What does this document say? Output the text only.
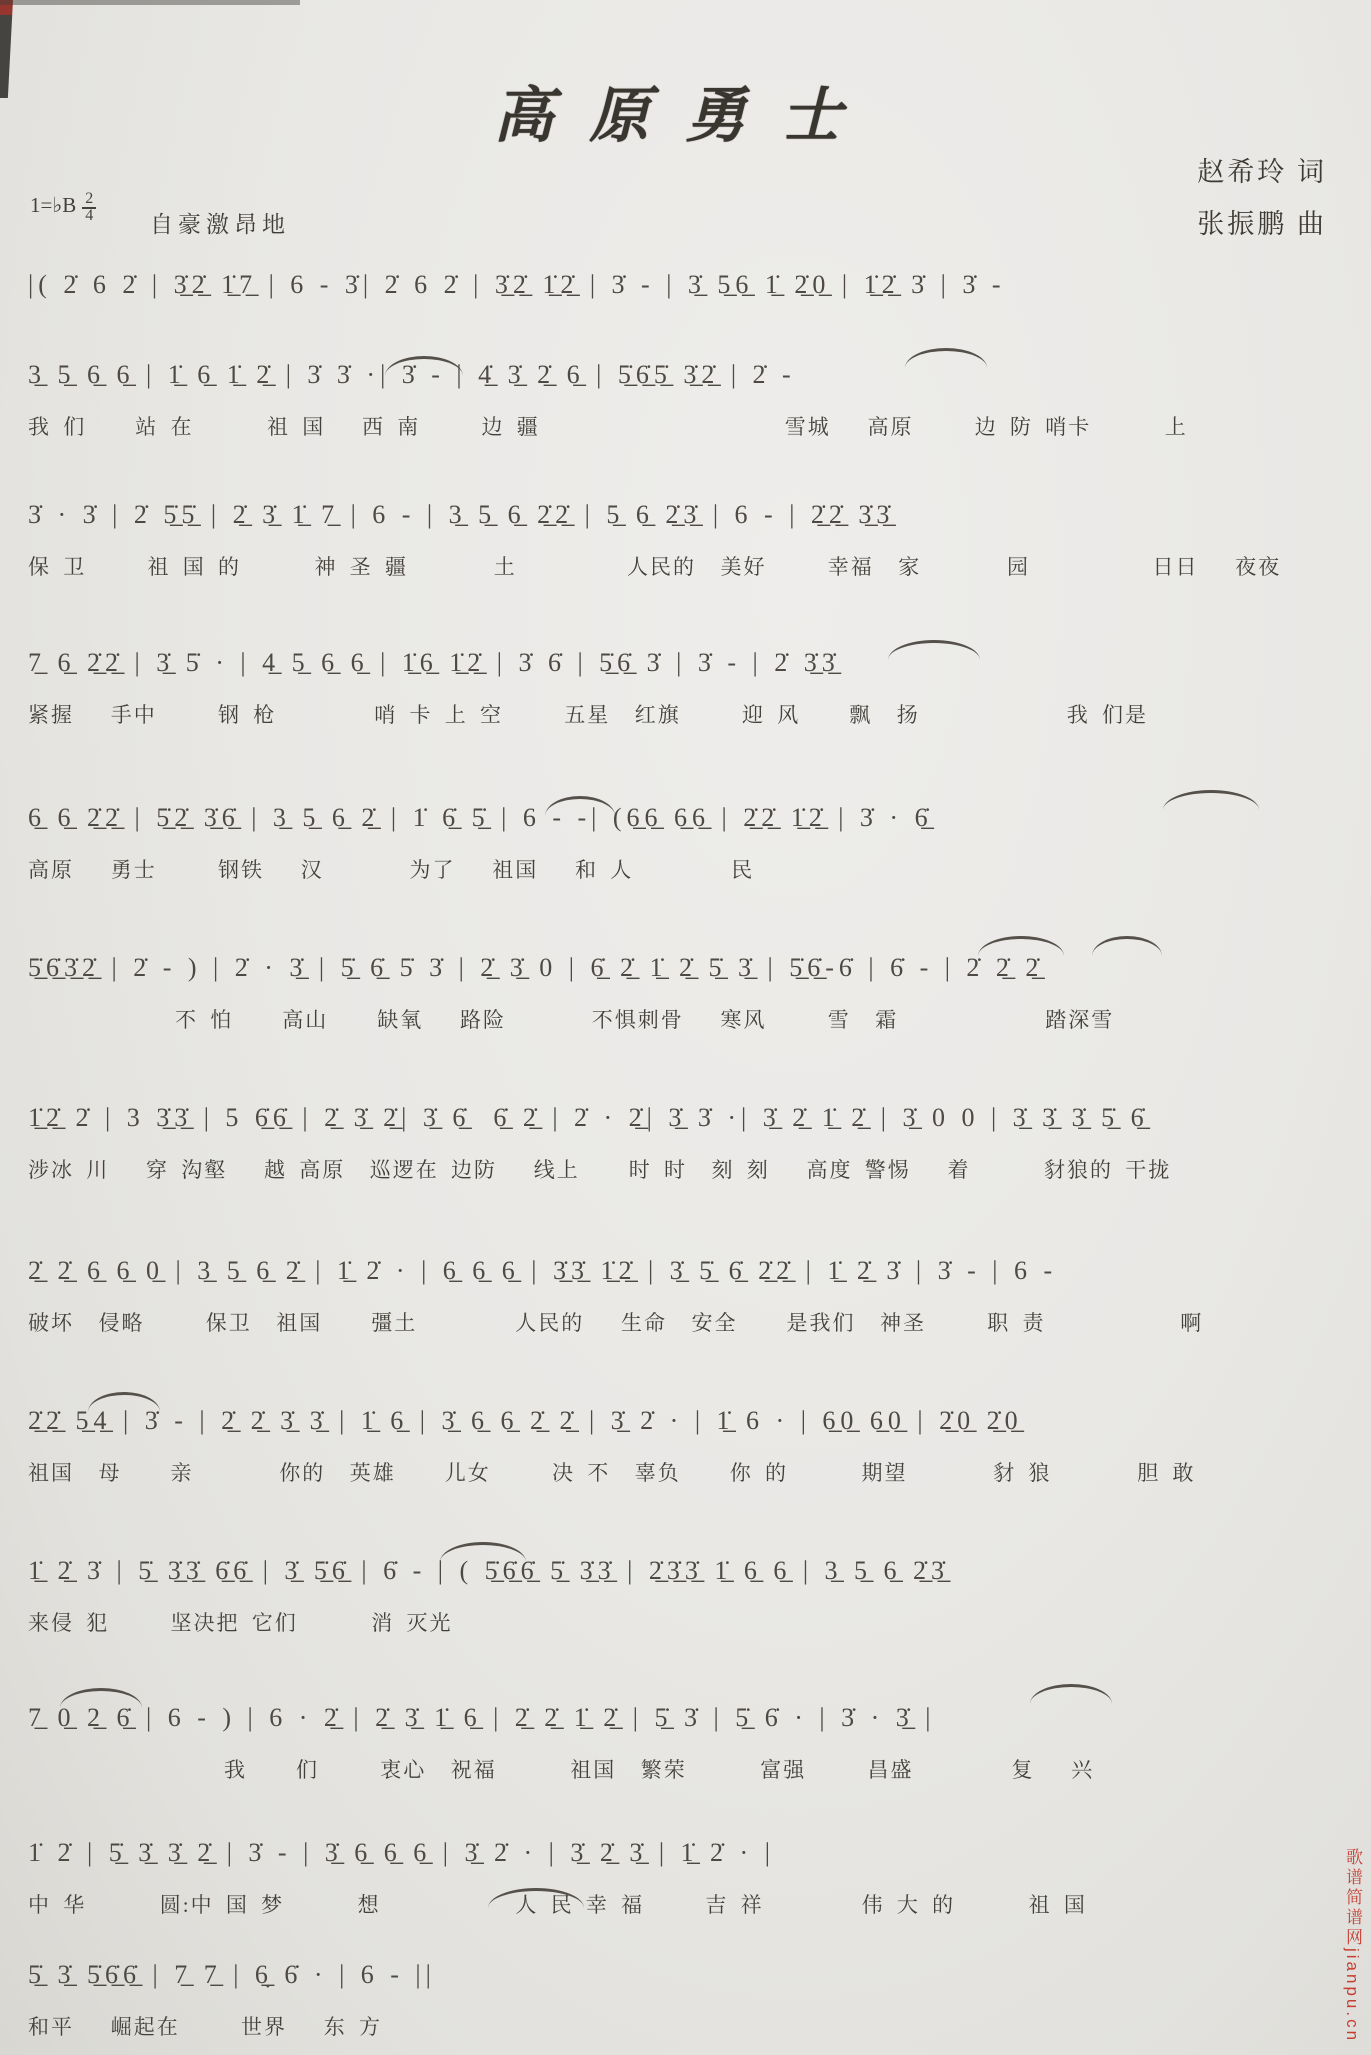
高原勇士
赵希玲 词
张振鹏 曲
1=♭B $\frac{2}{4}$
自豪激昂地
|( 2̇ 6 2̇ | 3̲̇2̲̇ 1̲̇7̲ | 6 - 3̇| 2̇ 6 2̇ | 3̲̇2̲̇ 1̲̇2̲̇ | 3̇ - | 3̲̇ 5̲6̲ 1̲̇ 2̲̇0̲ | 1̲̇2̲̇ 3̇ | 3̇ -
3̲ 5̲ 6̲ 6̲ | 1̲̇ 6̲ 1̲̇ 2̲̇ | 3̇ 3̇ ·| 3̇ - | 4̲̇ 3̲̇ 2̲̇ 6̲ | 5̲̇6̲̇5̲̇ 3̲̇2̲̇ | 2̇ -
我 们    站 在      祖 国   西 南     边 疆                    雪城   高原     边 防 哨卡      上
3̇ · 3̇ | 2̇ 5̲̇5̲̇ | 2̲̇ 3̲̇ 1̲̇ 7̲ | 6 - | 3̲ 5̲ 6̲ 2̲̇2̲̇ | 5̲ 6̲ 2̲̇3̲̇ | 6 - | 2̲̇2̲̇ 3̲̇3̲̇
保 卫     祖 国 的      神 圣 疆       土         人民的  美好     幸福  家       园          日日   夜夜
7̲ 6̲ 2̲̇2̲̇ | 3̲̇ 5̇ · | 4̲ 5̲ 6̲ 6̲ | 1̲̇6̲ 1̲̇2̲̇ | 3̇ 6̇ | 5̲̇6̲̇ 3̇ | 3̇ - | 2̇ 3̲̇3̲̇
紧握   手中     钢 枪        哨 卡 上 空     五星  红旗     迎 风    飘  扬            我 们是
6̲ 6̲ 2̲̇2̲̇ | 5̲̇2̲̇ 3̲̇6̲̇ | 3̲ 5̲ 6̲ 2̲̇ | 1̇ 6̲̇ 5̲̇ | 6 - -| (6̲6̲ 6̲6̲ | 2̲̇2̲̇ 1̲̇2̲̇ | 3̇ · 6̲̇
高原   勇士     钢铁   汉       为了   祖国   和 人        民
5̲̇6̲̇3̲̇2̲̇ | 2̇ - ) | 2̇ · 3̲̇ | 5̲̇ 6̲̇ 5̇ 3̇ | 2̲̇ 3̲̇ 0 | 6̲̇ 2̲̇ 1̲̇ 2̲̇ 5̲̇ 3̲̇ | 5̲̇6̲̇-6̇ | 6̇ - | 2̇ 2̲̇ 2̲̇
不 怕    高山    缺氧   路险       不惧刺骨   寒风     雪  霜            踏深雪
1̲̇2̲̇ 2̇ | 3 3̲̇3̲̇ | 5 6̲̇6̲̇ | 2̲̇ 3̲̇ 2̲̇| 3̲̇ 6̲̇  6̲̇ 2̲̇ | 2̇ · 2̲̇| 3̲̇ 3̇ ·| 3̲̇ 2̲̇ 1̲̇ 2̲̇ | 3̲̇ 0 0 | 3̲̇ 3̲̇ 3̲̇ 5̲̇ 6̲̇
涉冰 川   穿 沟壑   越 高原  巡逻在 边防   线上    时 时  刻 刻   高度 警惕   着      豺狼的 干拢
2̲̇ 2̲̇ 6̲ 6̲ 0̲ | 3̲ 5̲ 6̲ 2̲̇ | 1̲̇ 2̇ · | 6̲ 6̲ 6̲ | 3̲̇3̲̇ 1̲̇2̲̇ | 3̲̇ 5̲̇ 6̲̇ 2̲̇2̲̇ | 1̲̇ 2̲̇ 3̇ | 3̇ - | 6 -
破坏  侵略     保卫  祖国    彊土        人民的   生命  安全    是我们  神圣     职 责           啊
2̲̇2̲̇ 5̲4̲ | 3̇ - | 2̲̇ 2̲̇ 3̲̇ 3̲̇ | 1̲̇ 6̲ | 3̲̇ 6̲ 6̲ 2̲̇ 2̲̇ | 3̲̇ 2̇ · | 1̲̇ 6 · | 6̲0̲ 6̲0̲ | 2̲̇0̲ 2̲̇0̲
祖国  母    亲       你的  英雄    儿女     决 不  辜负    你 的      期望       豺 狼       胆 敢
1̲̇ 2̲̇ 3̇ | 5̲̇ 3̲̇3̲̇ 6̲̇6̲̇ | 3̲̇ 5̲̇6̲̇ | 6̇ - | ( 5̲̇6̲̇6̲̇ 5̲̇ 3̲̇3̲̇ | 2̲̇3̲̇3̲̇ 1̲̇ 6̲ 6̲ | 3̲ 5̲ 6̲ 2̲̇3̲̇
来侵 犯     坚决把 它们      消 灭光
7̲ 0̲ 2̲ 6̲̇ | 6 - ) | 6 · 2̲̇ | 2̲̇ 3̲̇ 1̲̇ 6̲ | 2̲̇ 2̲̇ 1̲̇ 2̲̇ | 5̲̇ 3̇ | 5̲̇ 6̇ · | 3̇ · 3̲̇ |
我    们     衷心  祝福      祖国  繁荣      富强     昌盛        复   兴
1̇ 2̇ | 5̲̇ 3̲̇ 3̲̇ 2̲̇ | 3̇ - | 3̲̇ 6̲ 6̲ 6̲ | 3̲̇ 2̇ · | 3̲̇ 2̲̇ 3̲̇ | 1̲̇ 2̇ · |
中 华      圆:中 国 梦      想           人 民 幸 福     吉 祥        伟 大 的      祖 国
5̲̇ 3̲̇ 5̲̇6̲̇6̲̇ | 7̲ 7̲ | 6̲̣ 6̇ · | 6 - ||
和平   崛起在     世界   东 方	歌谱简谱网jianpu.cn
